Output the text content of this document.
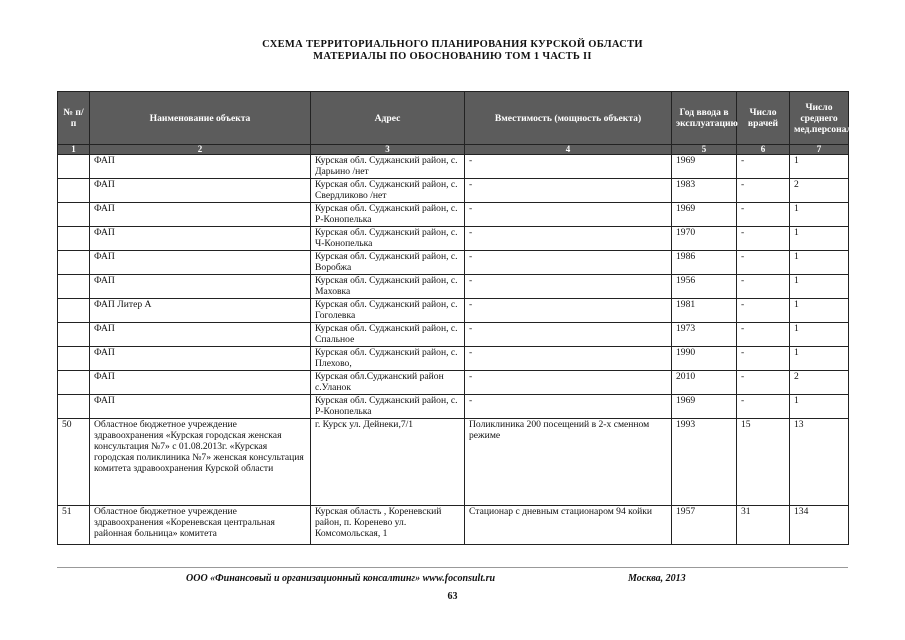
СХЕМА ТЕРРИТОРИАЛЬНОГО ПЛАНИРОВАНИЯ КУРСКОЙ ОБЛАСТИ
МАТЕРИАЛЫ ПО ОБОСНОВАНИЮ ТОМ 1 ЧАСТЬ II
№ п/п	Наименование объекта	Адрес	Вместимость (мощность объекта)	Год ввода в эксплуатацию	Число врачей	Число среднего мед.персонала
1	2	3	4	5	6	7
	ФАП	Курская обл. Суджанский район, с. Дарьино /нет	-	1969	-	1
	ФАП	Курская обл. Суджанский район, с. Свердликово /нет	-	1983	-	2
	ФАП	Курская обл. Суджанский район, с. Р-Конопелька	-	1969	-	1
	ФАП	Курская обл. Суджанский район, с. Ч-Конопелька	-	1970	-	1
	ФАП	Курская обл. Суджанский район, с. Воробжа	-	1986	-	1
	ФАП	Курская обл. Суджанский район, с. Маховка	-	1956	-	1
	ФАП Литер А	Курская обл. Суджанский район, с. Гоголевка	-	1981	-	1
	ФАП	Курская обл. Суджанский район, с. Спальное	-	1973	-	1
	ФАП	Курская обл. Суджанский район, с. Плехово,	-	1990	-	1
	ФАП	Курская обл.Суджанский район с.Уланок	-	2010	-	2
	ФАП	Курская обл. Суджанский район, с. Р-Конопелька	-	1969	-	1
50	Областное бюджетное учреждение здравоохранения «Курская городская женская консультация №7» с 01.08.2013г. «Курская городская поликлиника №7» женская консультация комитета здравоохранения Курской области	г. Курск ул. Дейнеки,7/1	Поликлиника 200 посещений в 2-х сменном режиме	1993	15	13
51	Областное бюджетное учреждение здравоохранения «Кореневская центральная районная больница» комитета	Курская область , Кореневский район, п. Коренево ул. Комсомольская, 1	Стационар с дневным стационаром 94 койки	1957	31	134
ООО «Финансовый и организационный консалтинг» www.foconsult.ru	Москва, 2013
63
